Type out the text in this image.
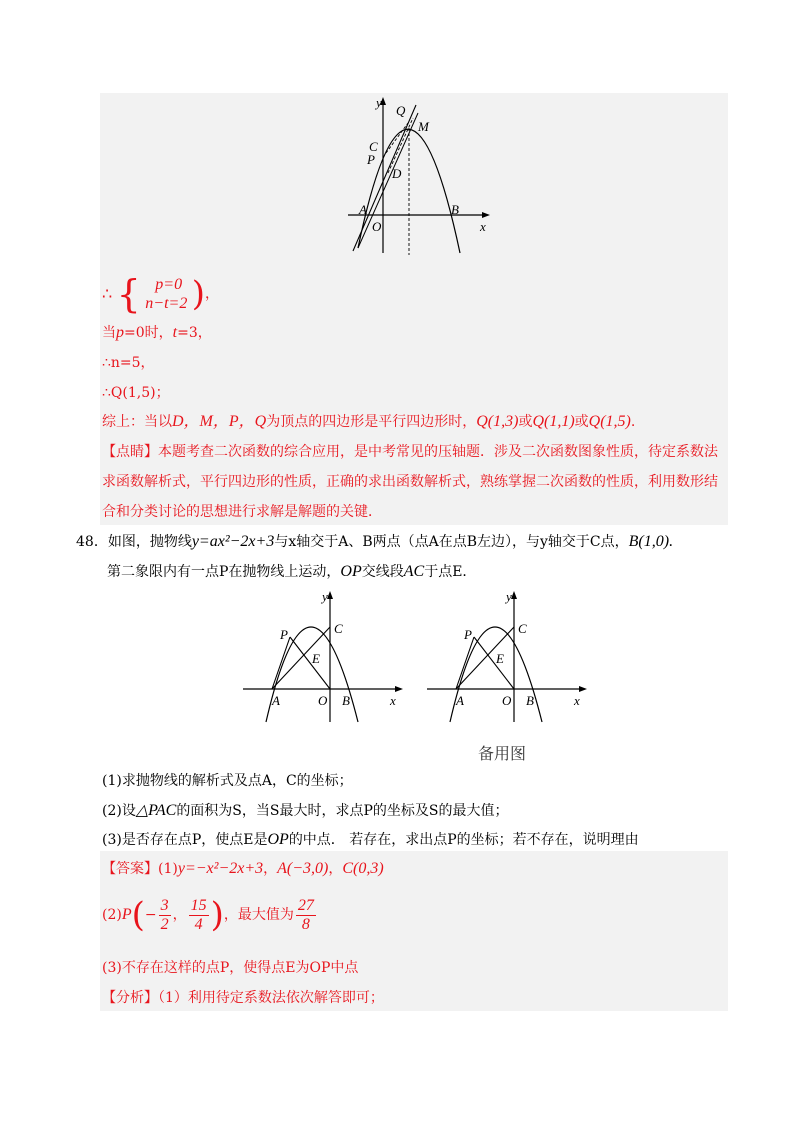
y
Q
M
C
P
D
A
O
B
x
∴ { p=0
n−t=2 )，
当p=0时，t=3，
∴n=5，
∴Q(1,5)；
综上：当以D，M，P，Q为顶点的四边形是平行四边形时，Q(1,3)或Q(1,1)或Q(1,5).
【点睛】本题考查二次函数的综合应用，是中考常见的压轴题．涉及二次函数图象性质，待定系数法
求函数解析式，平行四边形的性质，正确的求出函数解析式，熟练掌握二次函数的性质，利用数形结
合和分类讨论的思想进行求解是解题的关键．
48．如图，抛物线y=ax²−2x+3与x轴交于A、B两点（点A在点B左边），与y轴交于C点，B(1,0).
第二象限内有一点P在抛物线上运动，OP交线段AC于点E．
y
P	C
E
A	O B	x
y
P	C
E
A	O B	x
备用图
(1)求抛物线的解析式及点A，C的坐标；
(2)设△PAC的面积为S，当S最大时，求点P的坐标及S的最大值；
(3)是否存在点P，使点E是OP的中点． 若存在，求出点P的坐标；若不存在，说明理由
【答案】(1)y=−x²−2x+3，A(−3,0)，C(0,3)
$(2)P(- \frac{3}{2}$ ， $\frac{15}{4}$ )，最大值为 $\frac{27}{8}$
(3)不存在这样的点P，使得点E为OP中点
【分析】（1）利用待定系数法依次解答即可；
